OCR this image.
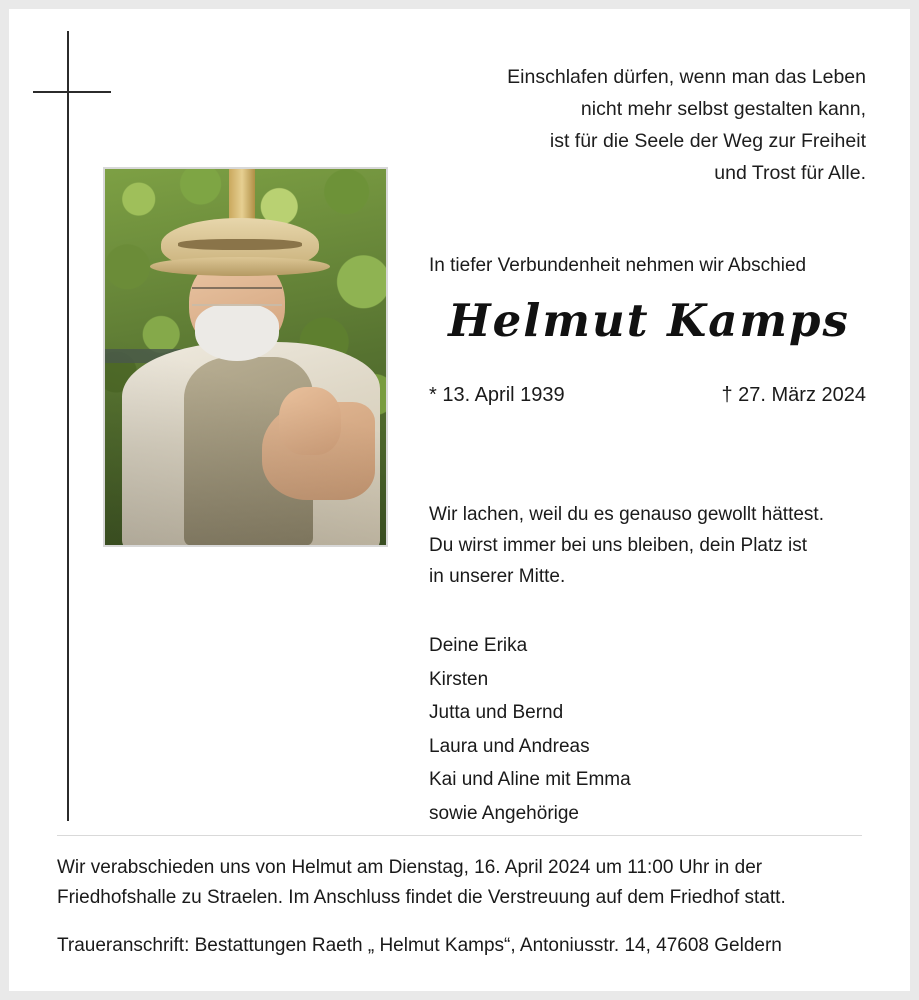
Einschlafen dürfen, wenn man das Leben
nicht mehr selbst gestalten kann,
ist für die Seele der Weg zur Freiheit
und Trost für Alle.
In tiefer Verbundenheit nehmen wir Abschied
Helmut Kamps
* 13. April 1939	† 27. März 2024
Wir lachen, weil du es genauso gewollt hättest.
Du wirst immer bei uns bleiben, dein Platz ist
in unserer Mitte.
Deine Erika
Kirsten
Jutta und Bernd
Laura und Andreas
Kai und Aline mit Emma
sowie Angehörige
Wir verabschieden uns von Helmut am Dienstag, 16. April 2024 um 11:00 Uhr in der
Friedhofshalle zu Straelen. Im Anschluss findet die Verstreuung auf dem Friedhof statt.
Traueranschrift: Bestattungen Raeth „ Helmut Kamps“, Antoniusstr. 14, 47608 Geldern
